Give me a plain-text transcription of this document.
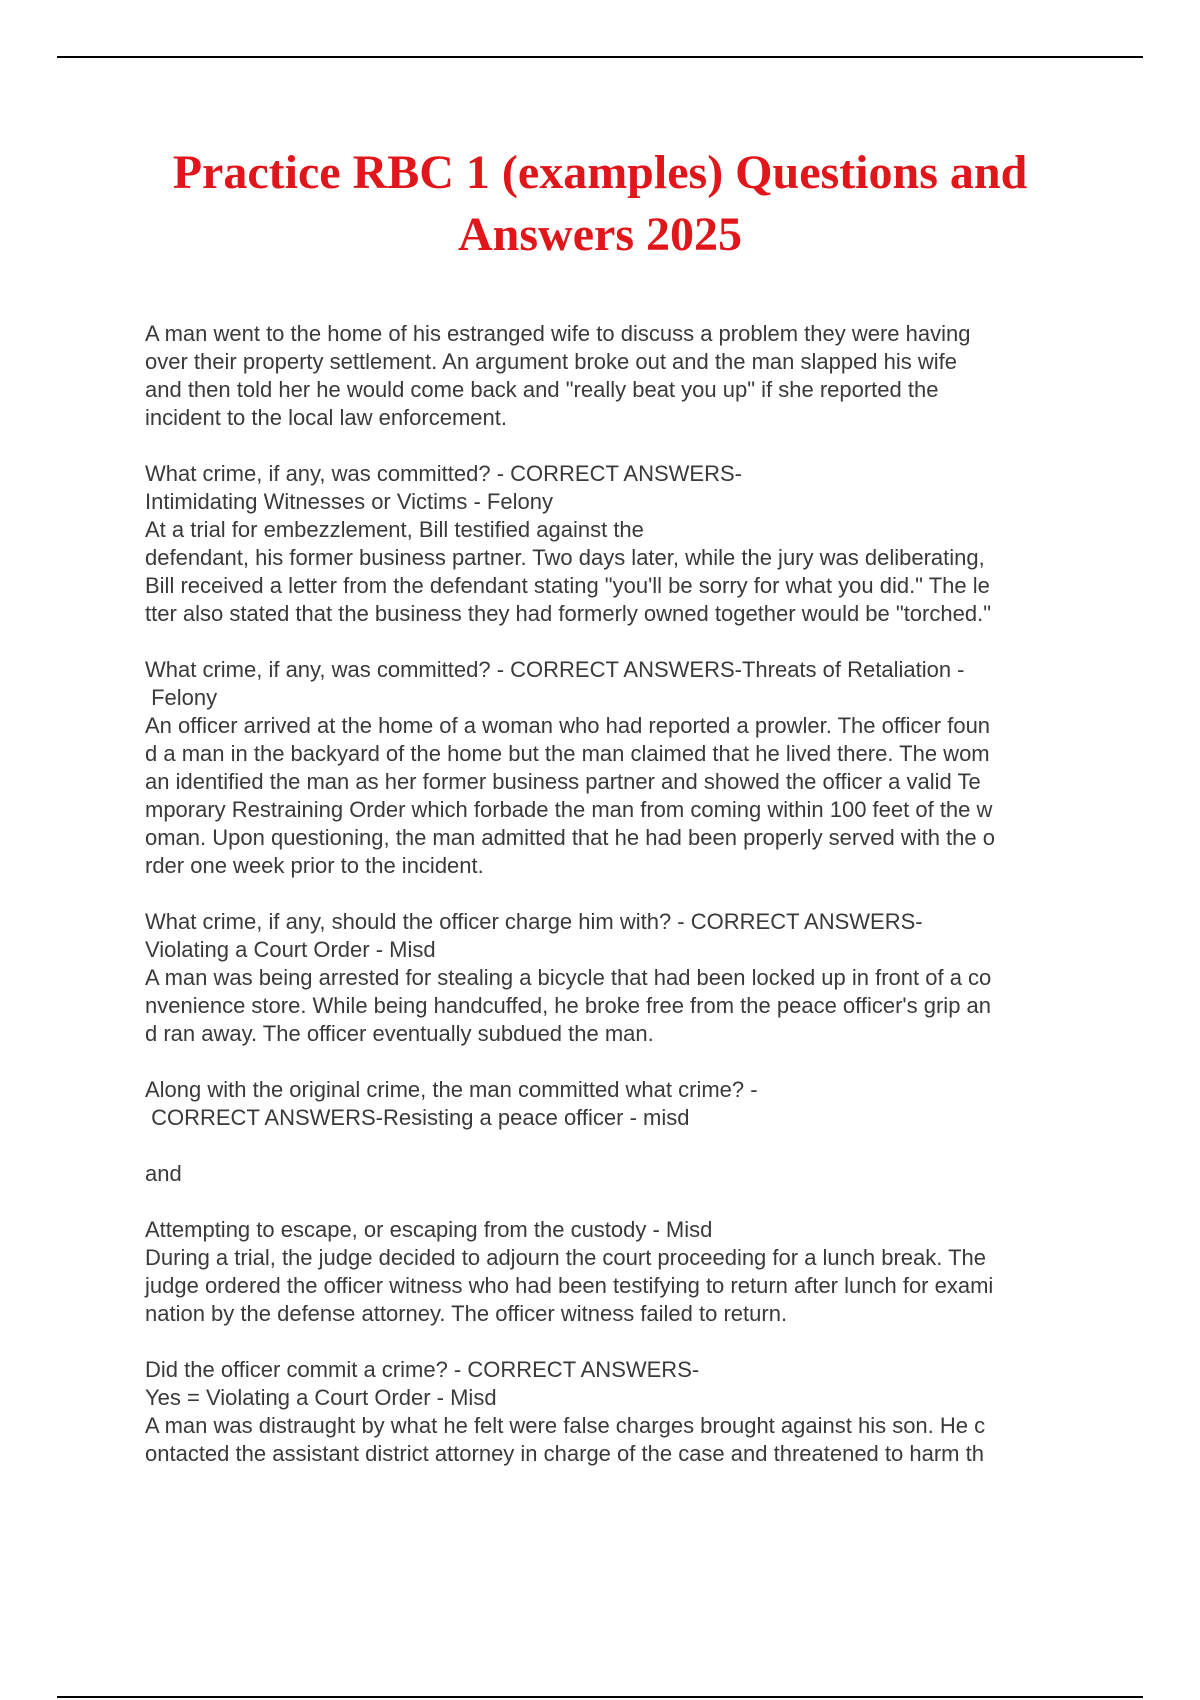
Practice RBC 1 (examples) Questions and
Answers 2025
A man went to the home of his estranged wife to discuss a problem they were having
over their property settlement. An argument broke out and the man slapped his wife
and then told her he would come back and "really beat you up" if she reported the
incident to the local law enforcement.
What crime, if any, was committed? - CORRECT ANSWERS-
Intimidating Witnesses or Victims - Felony
At a trial for embezzlement, Bill testified against the
defendant, his former business partner. Two days later, while the jury was deliberating,
Bill received a letter from the defendant stating "you'll be sorry for what you did." The le
tter also stated that the business they had formerly owned together would be "torched."
What crime, if any, was committed? - CORRECT ANSWERS-Threats of Retaliation -
Felony
An officer arrived at the home of a woman who had reported a prowler. The officer foun
d a man in the backyard of the home but the man claimed that he lived there. The wom
an identified the man as her former business partner and showed the officer a valid Te
mporary Restraining Order which forbade the man from coming within 100 feet of the w
oman. Upon questioning, the man admitted that he had been properly served with the o
rder one week prior to the incident.
What crime, if any, should the officer charge him with? - CORRECT ANSWERS-
Violating a Court Order - Misd
A man was being arrested for stealing a bicycle that had been locked up in front of a co
nvenience store. While being handcuffed, he broke free from the peace officer's grip an
d ran away. The officer eventually subdued the man.
Along with the original crime, the man committed what crime? -
CORRECT ANSWERS-Resisting a peace officer - misd
and
Attempting to escape, or escaping from the custody - Misd
During a trial, the judge decided to adjourn the court proceeding for a lunch break. The
judge ordered the officer witness who had been testifying to return after lunch for exami
nation by the defense attorney. The officer witness failed to return.
Did the officer commit a crime? - CORRECT ANSWERS-
Yes = Violating a Court Order - Misd
A man was distraught by what he felt were false charges brought against his son. He c
ontacted the assistant district attorney in charge of the case and threatened to harm th
